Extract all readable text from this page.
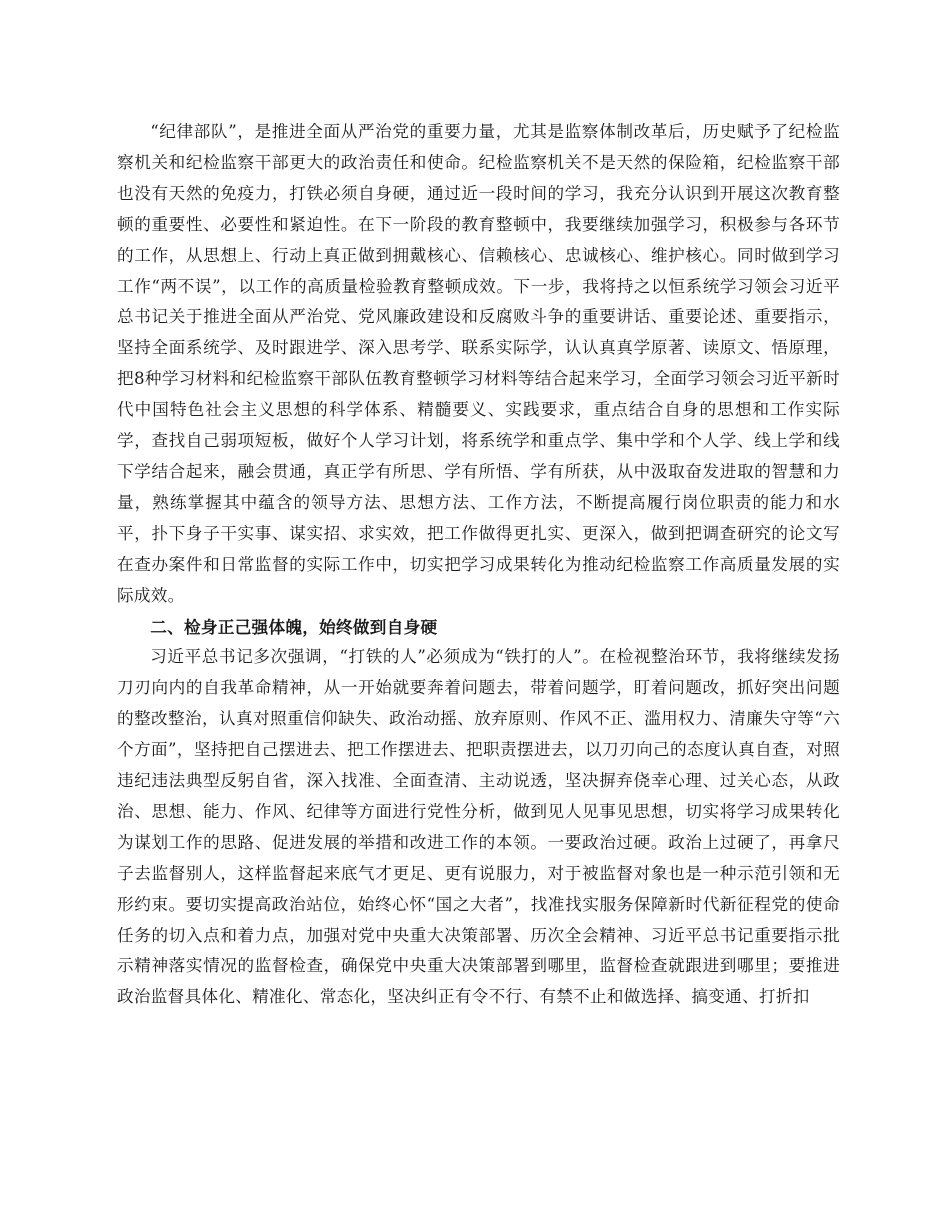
“纪律部队”，是推进全面从严治党的重要力量，尤其是监察体制改革后，历史赋予了纪检监察机关和纪检监察干部更大的政治责任和使命。纪检监察机关不是天然的保险箱，纪检监察干部也没有天然的免疫力，打铁必须自身硬，通过近一段时间的学习，我充分认识到开展这次教育整顿的重要性、必要性和紧迫性。在下一阶段的教育整顿中，我要继续加强学习，积极参与各环节的工作，从思想上、行动上真正做到拥戴核心、信赖核心、忠诚核心、维护核心。同时做到学习工作“两不误”，以工作的高质量检验教育整顿成效。下一步，我将持之以恒系统学习领会习近平总书记关于推进全面从严治党、党风廉政建设和反腐败斗争的重要讲话、重要论述、重要指示，坚持全面系统学、及时跟进学、深入思考学、联系实际学，认认真真学原著、读原文、悟原理，把8种学习材料和纪检监察干部队伍教育整顿学习材料等结合起来学习，全面学习领会习近平新时代中国特色社会主义思想的科学体系、精髓要义、实践要求，重点结合自身的思想和工作实际学，查找自己弱项短板，做好个人学习计划，将系统学和重点学、集中学和个人学、线上学和线下学结合起来，融会贯通，真正学有所思、学有所悟、学有所获，从中汲取奋发进取的智慧和力量，熟练掌握其中蕴含的领导方法、思想方法、工作方法，不断提高履行岗位职责的能力和水平，扑下身子干实事、谋实招、求实效，把工作做得更扎实、更深入，做到把调查研究的论文写在查办案件和日常监督的实际工作中，切实把学习成果转化为推动纪检监察工作高质量发展的实际成效。

二、检身正己强体魄，始终做到自身硬

习近平总书记多次强调，“打铁的人”必须成为“铁打的人”。在检视整治环节，我将继续发扬刀刃向内的自我革命精神，从一开始就要奔着问题去，带着问题学，盯着问题改，抓好突出问题的整改整治，认真对照重信仰缺失、政治动摇、放弃原则、作风不正、滥用权力、清廉失守等“六个方面”，坚持把自己摆进去、把工作摆进去、把职责摆进去，以刀刃向己的态度认真自查，对照违纪违法典型反躬自省，深入找准、全面查清、主动说透，坚决摒弃侥幸心理、过关心态，从政治、思想、能力、作风、纪律等方面进行党性分析，做到见人见事见思想，切实将学习成果转化为谋划工作的思路、促进发展的举措和改进工作的本领。一要政治过硬。政治上过硬了，再拿尺子去监督别人，这样监督起来底气才更足、更有说服力，对于被监督对象也是一种示范引领和无形约束。要切实提高政治站位，始终心怀“国之大者”，找准找实服务保障新时代新征程党的使命任务的切入点和着力点，加强对党中央重大决策部署、历次全会精神、习近平总书记重要指示批示精神落实情况的监督检查，确保党中央重大决策部署到哪里，监督检查就跟进到哪里；要推进政治监督具体化、精准化、常态化，坚决纠正有令不行、有禁不止和做选择、搞变通、打折扣
